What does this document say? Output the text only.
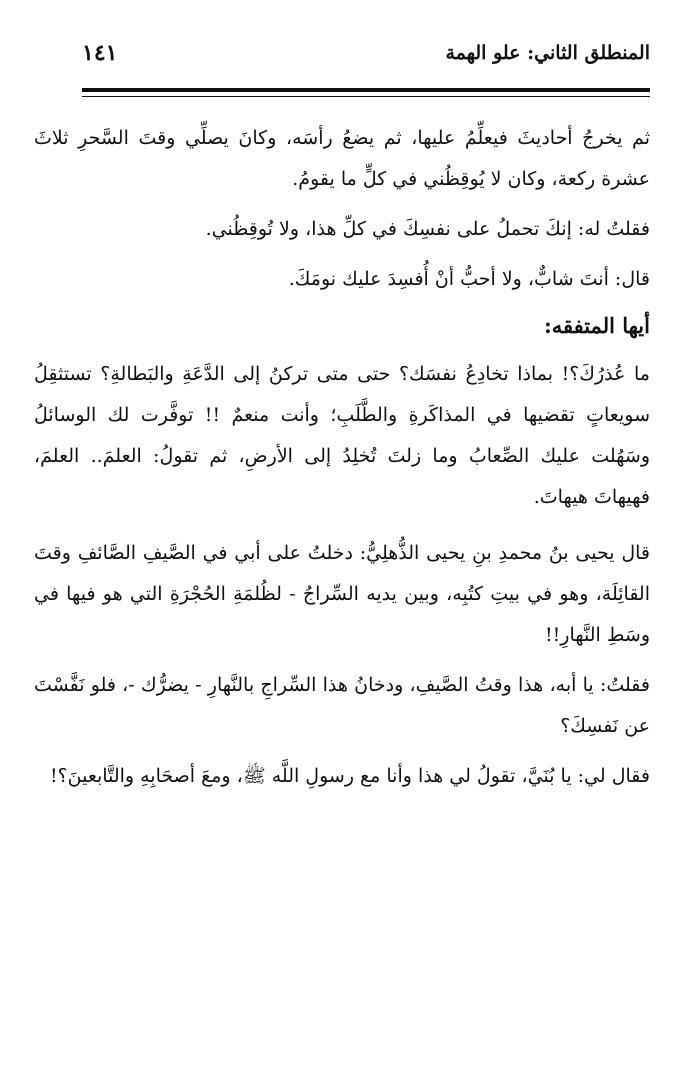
المنطلق الثاني: علو الهمة
١٤١

ثم يخرجُ أحاديثَ فيعلِّمُ عليها، ثم يضعُ رأسَه، وكانَ يصلِّي وقتَ السَّحرِ ثلاثَ عشرة ركعة، وكان لا يُوقِظُني في كلٍّ ما يقومُ.

فقلتُ له: إنكَ تحملُ على نفسِكَ في كلِّ هذا، ولا تُوقِظُني.

قال: أنتَ شابٌّ، ولا أحبُّ أنْ أُفسِدَ عليك نومَكَ.

أيها المتفقه:

ما عُذرُكَ؟! بماذا تخادِعُ نفسَك؟ حتى متى تركنُ إلى الدَّعَةِ والبَطالةِ؟ تستثقِلُ سويعاتٍ تقضيها في المذاكَرةِ والطَّلَبِ؛ وأنت منعمٌ !! توفَّرت لك الوسائلُ وسَهُلت عليك الصِّعابُ وما زلتَ تُخلِدُ إلى الأرضِ، ثم تقولُ: العلمَ.. العلمَ، فهيهاتَ هيهاتَ.

قال يحيى بنُ محمدِ بنِ يحيى الذُّهلِيُّ: دخلتُ على أبي في الصَّيفِ الصَّائفِ وقتَ القائِلَة، وهو في بيتِ كتُبِه، وبين يديه السِّراجُ - لظُلمَةِ الحُجْرَةِ التي هو فيها في وسَطِ النَّهارِ!!

فقلتُ: يا أبه، هذا وقتُ الصَّيفِ، ودخانُ هذا السِّراجِ بالنَّهارِ - يضرُّك -، فلو نَفَّسْتَ عن نَفسِكَ؟

فقال لي: يا بُنَيَّ، تقولُ لي هذا وأنا مع رسولِ اللَّه ﷺ، ومعَ أصحَابِهِ والتَّابعينَ؟!
